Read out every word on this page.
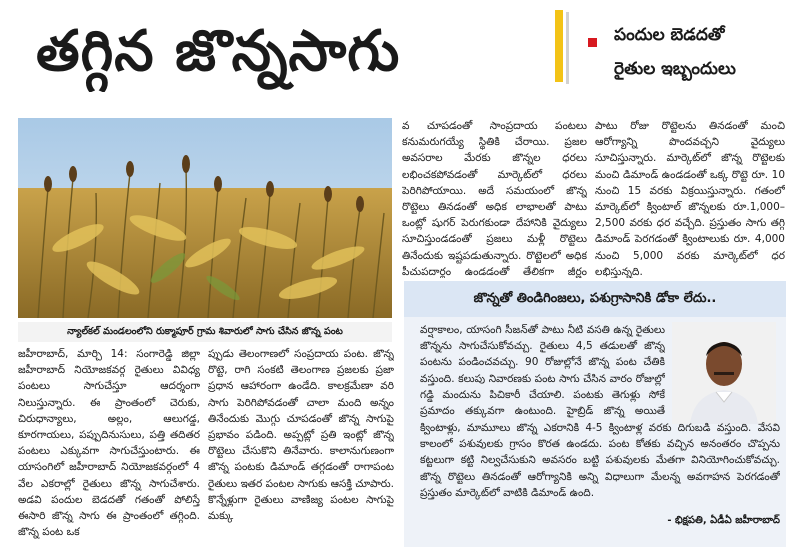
తగ్గిన జొన్నసాగు	పందుల బెడదతో
రైతుల ఇబ్బందులు
న్యాల్‌కల్ మండలంలోని రుక్మాపూర్ గ్రామ శివారులో సాగు చేసిన జొన్న పంట

జహీరాబాద్, మార్చి 14: సంగారెడ్డి జిల్లా జహీరాబాద్ నియోజకవర్గ రైతులు వివిధ్య పంటలు సాగుచేస్తూ ఆదర్శంగా నిలుస్తున్నారు. ఈ ప్రాంతంలో చెరుకు, చిరుధాన్యాలు, అల్లం, ఆలుగడ్డ, కూరగాయలు, పప్పుదినుసులు, పత్తి తదితర పంటలు ఎక్కువగా సాగుచేస్తుంటారు. ఈ యాసంగిలో జహీరాబాద్ నియోజకవర్గంలో 4 వేల ఎకరాల్లో రైతులు జొన్న సాగుచేశారు. అడవి పందుల బెడదతో గతంతో పోలిస్తే ఈసారి జొన్న సాగు ఈ ప్రాంతంలో తగ్గింది. జొన్న పంట ఒక

ప్పుడు తెలంగాణలో సంప్రదాయ పంట. జొన్న రొట్టె, రాగి సంకటి తెలంగాణ ప్రజలకు ప్రజా ప్రధాన ఆహారంగా ఉండేది. కాలక్రమేణా వరి సాగు పెరిగిపోవడంతో చాలా మంది అన్నం తినేందుకు మొగ్గు చూపడంతో జొన్న సాగుపై ప్రభావం పడింది. అప్పట్లో ప్రతి ఇంట్లో జొన్న రొట్టెలు చేసుకొని తినేవారు. కాలానుగుణంగా జొన్న పంటకు డిమాండ్ తగ్గడంతో రాగాపంట రైతులు ఇతర పంటల సాగుకు ఆసక్తి చూపారు. కొన్నేళ్లుగా రైతులు వాణిజ్య పంటల సాగుపై మక్కు

వ చూపడంతో సాంప్రదాయ పంటలు కనుమరుగయ్యే స్థితికి చేరాయి. ప్రజల అవసరాల మేరకు జొన్నల ధరలు లభించకపోవడంతో మార్కెట్‌లో ధరలు పెరిగిపోయాయి. అదే సమయంలో జొన్న రొట్టెలు తినడంతో అధిక లాభాలతో పాటు ఒంట్లో షుగర్ పెరుగకుండా దేహానికి వైద్యులు సూచిస్తుండడంతో ప్రజలు మళ్లీ రొట్టెలు తినేందుకు ఇష్టపడుతున్నారు. రొట్టెలలో అధిక పీచుపదార్థం ఉండడంతో తేలికగా జీర్ణం

పాటు రోజు రొట్టెలను తినడంతో మంచి ఆరోగ్యాన్ని పొందవచ్చని వైద్యులు సూచిస్తున్నారు. మార్కెట్‌లో జొన్న రొట్టెలకు మంచి డిమాండ్ ఉండడంతో ఒక్క రొట్టె రూ. 10 నుంచి 15 వరకు విక్రయిస్తున్నారు. గతంలో మార్కెట్‌లో క్వింటాల్ జొన్నలకు రూ.1,000–2,500 వరకు ధర వచ్చేది. ప్రస్తుతం సాగు తగ్గి డిమాండ్ పెరగడంతో క్వింటాలుకు రూ. 4,000 నుంచి 5,000 వరకు మార్కెట్‌లో ధర లభిస్తున్నది.

జొన్నతో తిండిగింజలు, పశుగ్రాసానికి డోకా లేదు..

వర్షాకాలం, యాసంగి సీజన్‌తో పాటు నీటి వసతి ఉన్న రైతులు జొన్నను సాగుచేసుకోవచ్చు. రైతులు 4,5 తడులతో జొన్న పంటను పండించవచ్చు. 90 రోజుల్లోనే జొన్న పంట చేతికి వస్తుంది. కలుపు నివారణకు పంట సాగు చేసిన వారం రోజుల్లో గడ్డి మందును పిచికారీ చేయాలి. పంటకు తెగుళ్లు సోకే ప్రమాదం తక్కువగా ఉంటుంది. హైబ్రిడ్ జొన్న అయితే

క్వింటాళ్లు, మామూలు జొన్న ఎకరానికి 4-5 క్వింటాళ్ల వరకు దిగుబడి వస్తుంది. వేసవి కాలంలో పశువులకు గ్రాసం కొరత ఉండదు. పంట కోతకు వచ్చిన అనంతరం చొప్పను కట్టలుగా కట్టి నిల్వచేసుకుని అవసరం బట్టి పశువులకు మేతగా వినియోగించుకోవచ్చు. జొన్న రొట్టెలు తినడంతో ఆరోగ్యానికి అన్ని విధాలుగా మేలన్న అవగాహన పెరగడంతో ప్రస్తుతం మార్కెట్‌లో వాటికి డిమాండ్ ఉంది.

- భిక్షపతి, ఏడీఏ జహీరాబాద్
